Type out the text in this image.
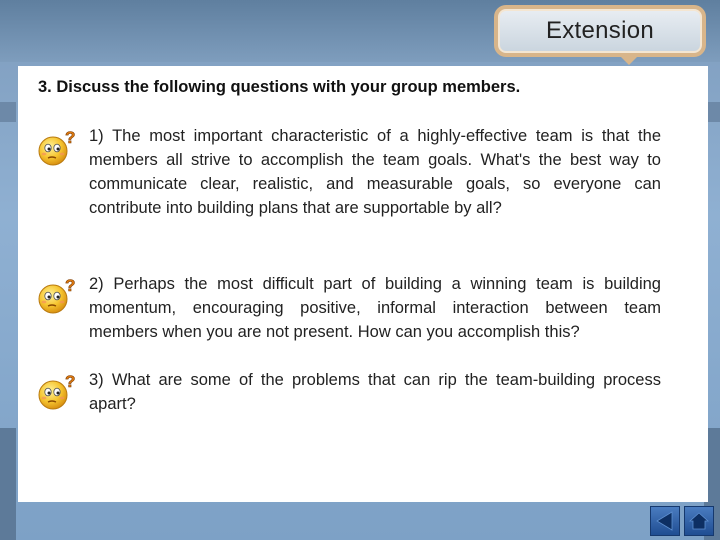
Extension
3. Discuss the following questions with your group members.
? 1) The most important characteristic of a highly-effective team is that the members all strive to accomplish the team goals. What's the best way to communicate clear, realistic, and measurable goals, so everyone can contribute into building plans that are supportable by all?
? 2) Perhaps the most difficult part of building a winning team is building momentum, encouraging positive, informal interaction between team members when you are not present. How can you accomplish this?
? 3) What are some of the problems that can rip the team-building process apart?
